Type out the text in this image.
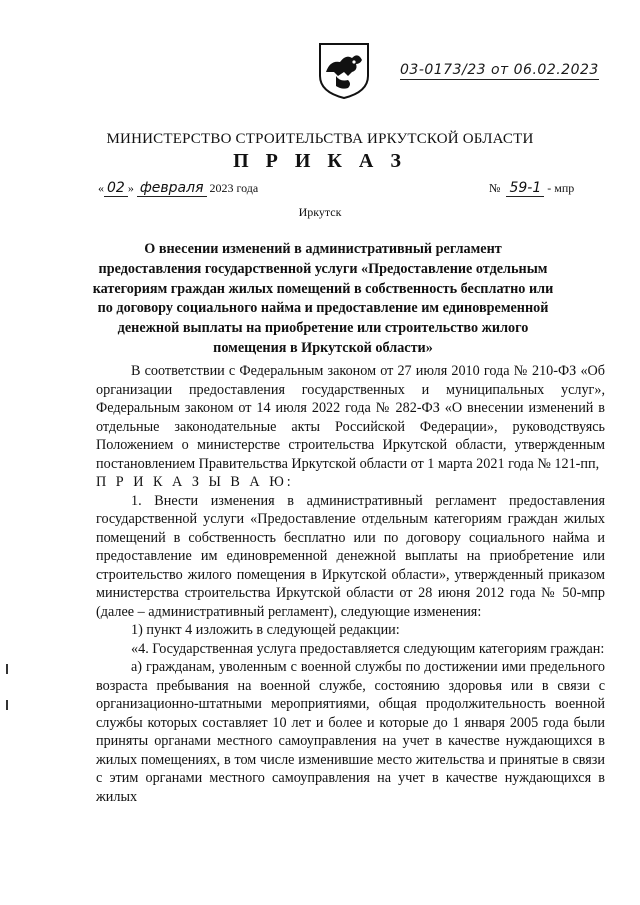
03-0173/23 от 06.02.2023
МИНИСТЕРСТВО СТРОИТЕЛЬСТВА ИРКУТСКОЙ ОБЛАСТИ
П Р И К А З
« 02 » февраля 2023 года	№ 59-1 - мпр
Иркутск
О внесении изменений в административный регламент предоставления государственной услуги «Предоставление отдельным категориям граждан жилых помещений в собственность бесплатно или по договору социального найма и предоставление им единовременной денежной выплаты на приобретение или строительство жилого помещения в Иркутской области»

В соответствии с Федеральным законом от 27 июля 2010 года № 210-ФЗ «Об организации предоставления государственных и муниципальных услуг», Федеральным законом от 14 июля 2022 года № 282-ФЗ «О внесении изменений в отдельные законодательные акты Российской Федерации», руководствуясь Положением о министерстве строительства Иркутской области, утвержденным постановлением Правительства Иркутской области от 1 марта 2021 года № 121-пп,

П Р И К А З Ы В А Ю:

1. Внести изменения в административный регламент предоставления государственной услуги «Предоставление отдельным категориям граждан жилых помещений в собственность бесплатно или по договору социального найма и предоставление им единовременной денежной выплаты на приобретение или строительство жилого помещения в Иркутской области», утвержденный приказом министерства строительства Иркутской области от 28 июня 2012 года № 50-мпр (далее – административный регламент), следующие изменения:

1) пункт 4 изложить в следующей редакции:

«4. Государственная услуга предоставляется следующим категориям граждан:

а) гражданам, уволенным с военной службы по достижении ими предельного возраста пребывания на военной службе, состоянию здоровья или в связи с организационно-штатными мероприятиями, общая продолжительность военной службы которых составляет 10 лет и более и которые до 1 января 2005 года были приняты органами местного самоуправления на учет в качестве нуждающихся в жилых помещениях, в том числе изменившие место жительства и принятые в связи с этим органами местного самоуправления на учет в качестве нуждающихся в жилых
